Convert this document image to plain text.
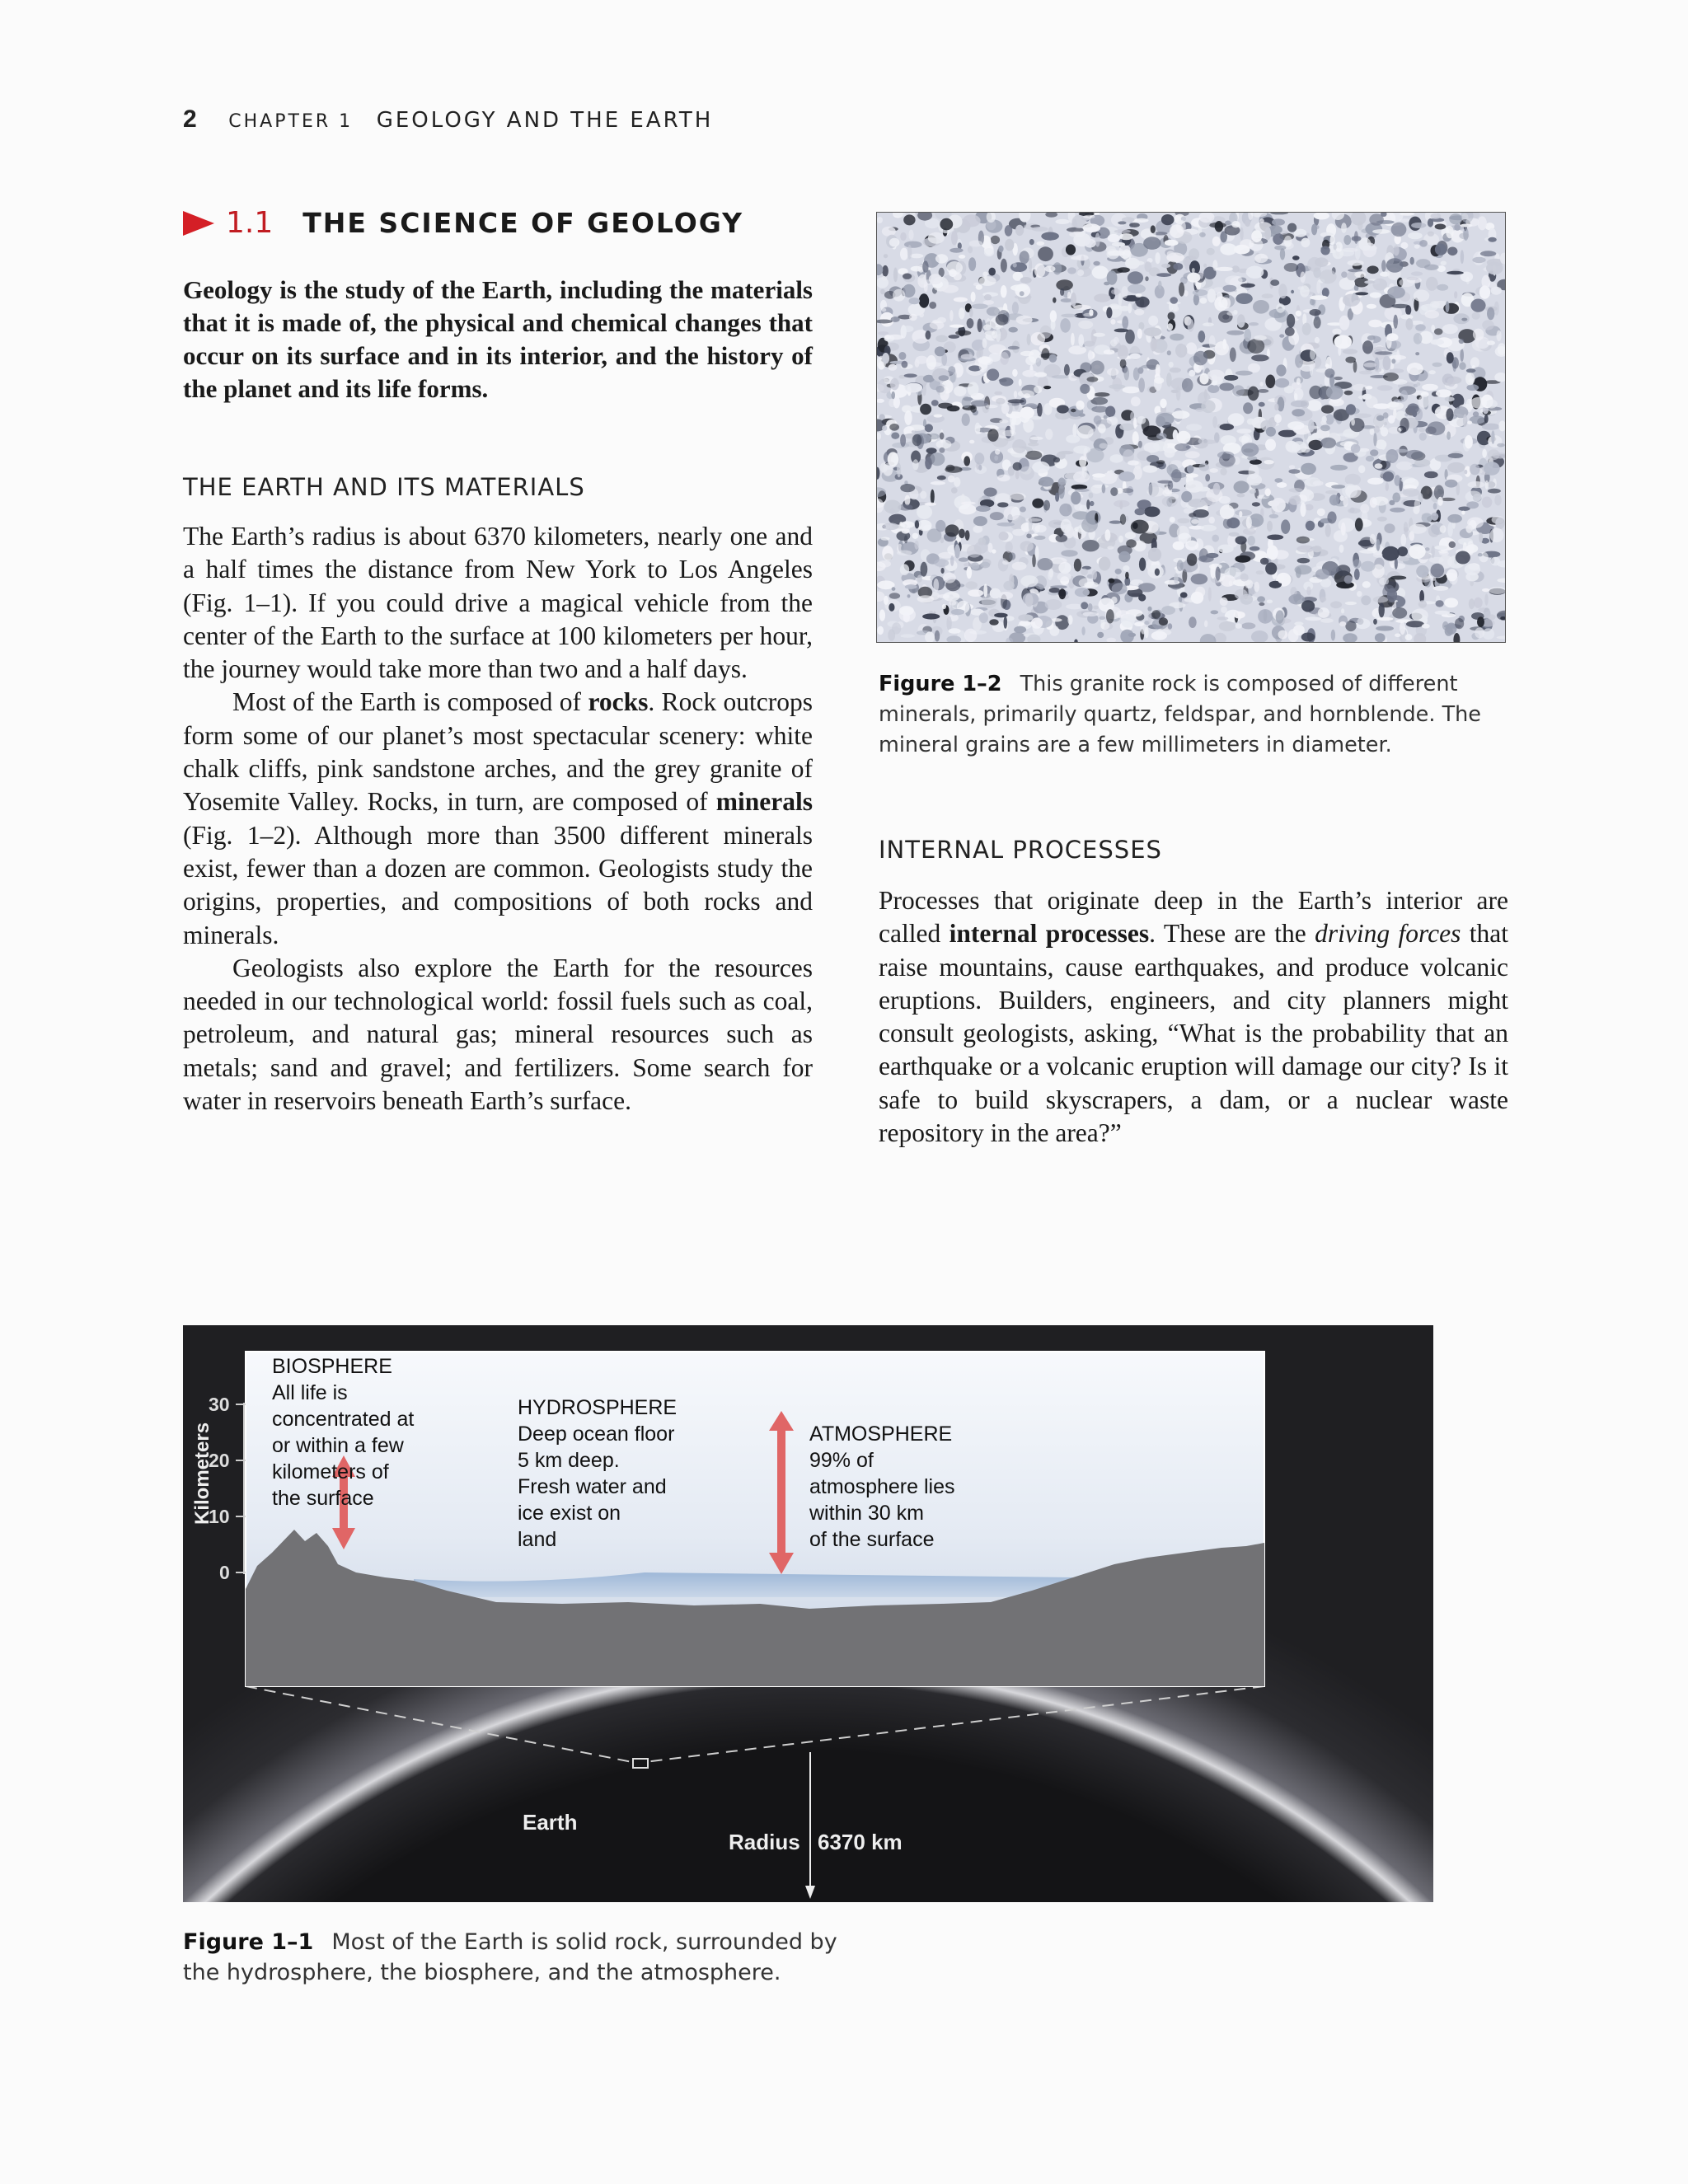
2 CHAPTER 1 GEOLOGY AND THE EARTH
1.1 THE SCIENCE OF GEOLOGY
Geology is the study of the Earth, including the materials that it is made of, the physical and chemical changes that occur on its surface and in its interior, and the history of the planet and its life forms.
THE EARTH AND ITS MATERIALS

The Earth’s radius is about 6370 kilometers, nearly one and a half times the distance from New York to Los Angeles (Fig. 1–1). If you could drive a magical vehicle from the center of the Earth to the surface at 100 kilometers per hour, the journey would take more than two and a half days.

Most of the Earth is composed of rocks. Rock outcrops form some of our planet’s most spectacular scenery: white chalk cliffs, pink sandstone arches, and the grey granite of Yosemite Valley. Rocks, in turn, are composed of minerals (Fig. 1–2). Although more than 3500 different minerals exist, fewer than a dozen are common. Geologists study the origins, properties, and compositions of both rocks and minerals.

Geologists also explore the Earth for the resources needed in our technological world: fossil fuels such as coal, petroleum, and natural gas; mineral resources such as metals; sand and gravel; and fertilizers. Some search for water in reservoirs beneath Earth’s surface.

Figure 1–2 This granite rock is composed of different minerals, primarily quartz, feldspar, and hornblende. The mineral grains are a few millimeters in diameter.
INTERNAL PROCESSES

Processes that originate deep in the Earth’s interior are called internal processes. These are the driving forces that raise mountains, cause earthquakes, and produce volcanic eruptions. Builders, engineers, and city planners might consult geologists, asking, “What is the probability that an earthquake or a volcanic eruption will damage our city? Is it safe to build skyscrapers, a dam, or a nuclear waste repository in the area?”

Kilometers
30
20
10
0
BIOSPHERE
All life is
concentrated at
or within a few
kilometers of
the surface
HYDROSPHERE
Deep ocean floor
5 km deep.
Fresh water and
ice exist on
land
ATMOSPHERE
99% of
atmosphere lies
within 30 km
of the surface
Earth
Radius 6370 km
Figure 1–1 Most of the Earth is solid rock, surrounded by the hydrosphere, the biosphere, and the atmosphere.
